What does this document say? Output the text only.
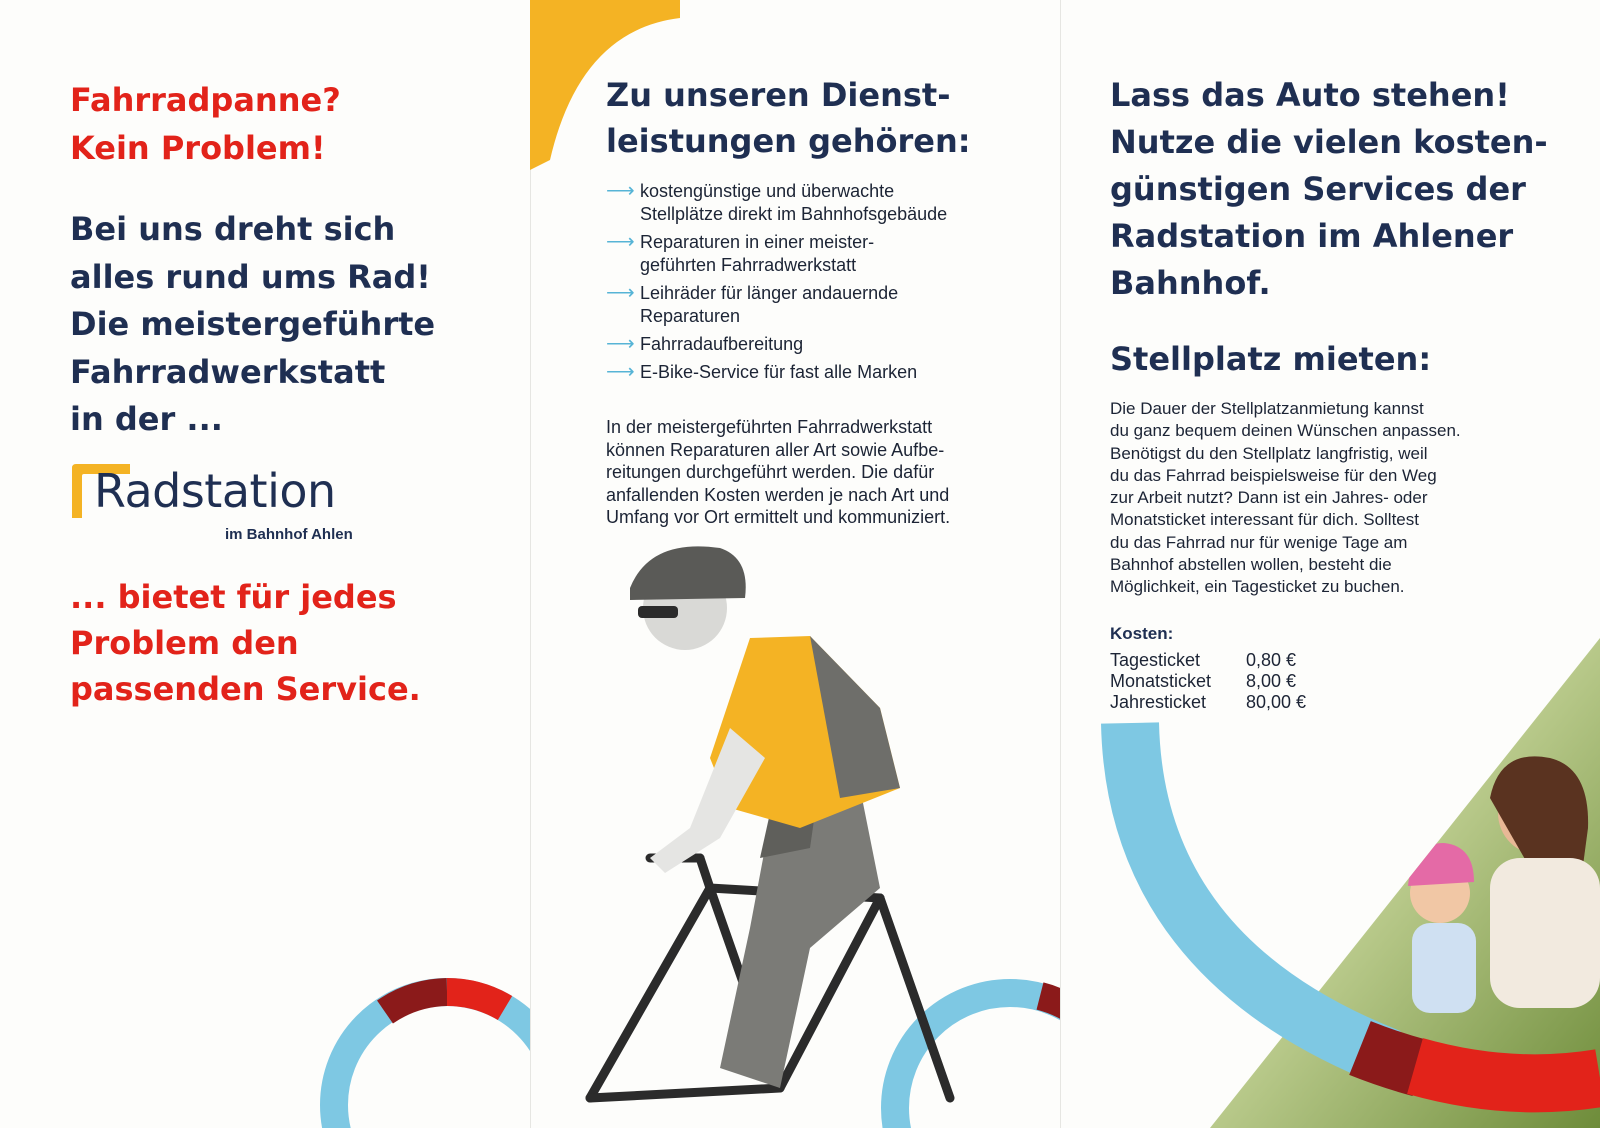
Fahrradpanne?
Kein Problem!
Bei uns dreht sich
alles rund ums Rad!
Die meistergeführte
Fahrradwerkstatt
in der ...
Radstation
im Bahnhof Ahlen
... bietet für jedes
Problem den
passenden Service.
Zu unseren Dienst-
leistungen gehören:
⟶ kostengünstige und überwachte
Stellplätze direkt im Bahnhofsgebäude
⟶ Reparaturen in einer meister-
geführten Fahrradwerkstatt
⟶ Leihräder für länger andauernde
Reparaturen
⟶ Fahrradaufbereitung
⟶ E-Bike-Service für fast alle Marken
In der meistergeführten Fahrradwerkstatt
können Reparaturen aller Art sowie Aufbe-
reitungen durchgeführt werden. Die dafür
anfallenden Kosten werden je nach Art und
Umfang vor Ort ermittelt und kommuniziert.
Lass das Auto stehen!
Nutze die vielen kosten-
günstigen Services der
Radstation im Ahlener
Bahnhof.
Stellplatz mieten:
Die Dauer der Stellplatzanmietung kannst
du ganz bequem deinen Wünschen anpassen.
Benötigst du den Stellplatz langfristig, weil
du das Fahrrad beispielsweise für den Weg
zur Arbeit nutzt? Dann ist ein Jahres- oder
Monatsticket interessant für dich. Solltest
du das Fahrrad nur für wenige Tage am
Bahnhof abstellen wollen, besteht die
Möglichkeit, ein Tagesticket zu buchen.
Kosten:
Tagesticket	0,80 €
Monatsticket	8,00 €
Jahresticket	80,00 €
